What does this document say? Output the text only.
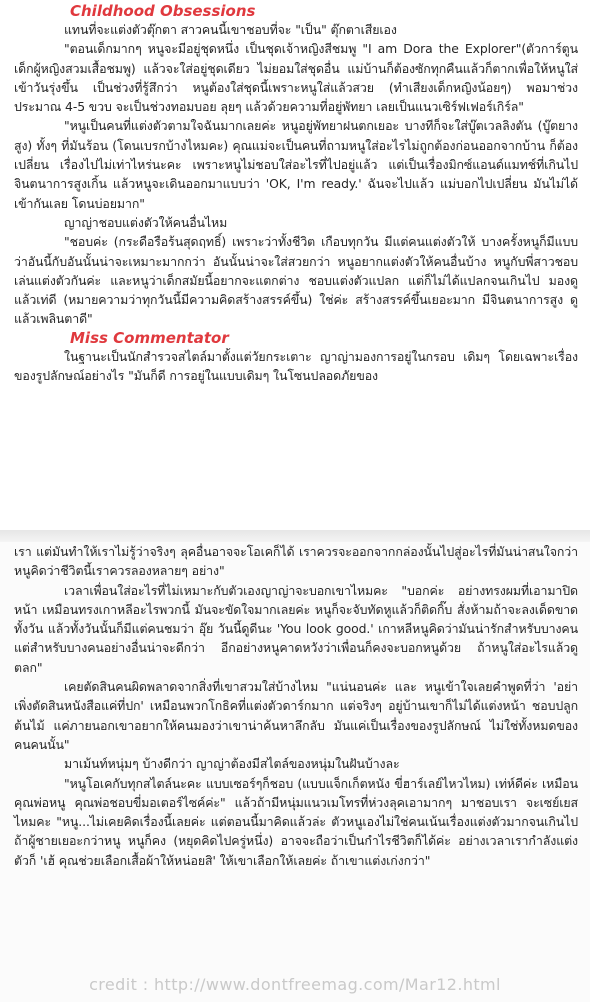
Childhood Obsessions

แทนที่จะแต่งตัวตุ๊กตา สาวคนนี้เขาชอบที่จะ "เป็น" ตุ๊กตาเสียเอง

"ตอนเด็กมากๆ หนูจะมีอยู่ชุดหนึ่ง เป็นชุดเจ้าหญิงสีชมพู "I am Dora the Explorer"(ตัวการ์ตูนเด็กผู้หญิงสวมเสื้อชมพู) แล้วจะใส่อยู่ชุดเดียว ไม่ยอมใส่ชุดอื่น แม่บ้านก็ต้องซักทุกคืนแล้วก็ตากเพื่อให้หนูใส่เข้าวันรุ่งขึ้น เป็นช่วงที่รู้สึกว่า หนูต้องใส่ชุดนี้เพราะหนูใส่แล้วสวย (ทำเสียงเด็กหญิงน้อยๆ) พอมาช่วงประมาณ 4-5 ขวบ จะเป็นช่วงทอมบอย ลุยๆ แล้วด้วยความที่อยู่พัทยา เลยเป็นแนวเซิร์ฟเฟอร์เกิร์ล"

"หนูเป็นคนที่แต่งตัวตามใจฉันมากเลยค่ะ หนูอยู่พัทยาฝนตกเยอะ บางทีก็จะใส่บู๊ตเวลลิงตัน (บู๊ตยางสูง) ทั้งๆ ที่มันร้อน (โดนเบรกบ้างไหมคะ) คุณแม่จะเป็นคนที่ถามหนูใส่อะไรไม่ถูกต้องก่อนออกจากบ้าน ก็ต้องเปลี่ยน เรื่องไปไม่เท่าไหร่นะคะ เพราะหนูไม่ชอบใส่อะไรที่ไปอยู่แล้ว แต่เป็นเรื่องมิกซ์แอนด์แมทช์ที่เกินไป จินตนาการสูงเกิ้น แล้วหนูจะเดินออกมาแบบว่า 'OK, I'm ready.' ฉันจะไปแล้ว แม่บอกไปเปลี่ยน มันไม่ได้เข้ากันเลย โดนบ่อยมาก"

ญาญ่าชอบแต่งตัวให้คนอื่นไหม

"ชอบค่ะ (กระดือรือร้นสุดฤทธิ์) เพราะว่าทั้งชีวิต เกือบทุกวัน มีแต่คนแต่งตัวให้ บางครั้งหนูก็มีแบบว่าอันนี้กับอันนั้นน่าจะเหมาะมากกว่า อันนั้นน่าจะใส่สวยกว่า หนูอยากแต่งตัวให้คนอื่นบ้าง หนูกับพี่สาวชอบเล่นแต่งตัวกันค่ะ และหนูว่าเด็กสมัยนี้อยากจะแตกต่าง ชอบแต่งตัวแปลก แต่ก็ไม่ได้แปลกจนเกินไป มองดูแล้วเท่ดี (หมายความว่าทุกวันนี้มีความคิดสร้างสรรค์ขึ้น) ใช่ค่ะ สร้างสรรค์ขึ้นเยอะมาก มีจินตนาการสูง ดูแล้วเพลินตาดี"

Miss Commentator

ในฐานะเป็นนักสำรวจสไตล์มาตั้งแต่วัยกระเตาะ ญาญ่ามองการอยู่ในกรอบ เดิมๆ โดยเฉพาะเรื่องของรูปลักษณ์อย่างไร "มันก็ดี การอยู่ในแบบเดิมๆ ในโซนปลอดภัยของ

เรา แต่มันทำให้เราไม่รู้ว่าจริงๆ ลุคอื่นอาจจะโอเคก็ได้ เราควรจะออกจากกล่องนั้นไปสู่อะไรที่มันน่าสนใจกว่า หนูคิดว่าชีวิตนี้เราควรลองหลายๆ อย่าง"

เวลาเพื่อนใส่อะไรที่ไม่เหมาะกับตัวเองญาญ่าจะบอกเขาไหมคะ "บอกค่ะ อย่างทรงผมที่เอามาปิดหน้า เหมือนทรงเกาหลีอะไรพวกนี้ มันจะขัดใจมากเลยค่ะ หนูก็จะจับทัดหูแล้วก็ติดกิ๊บ สั่งห้ามถ้าจะลงเด็ดขาดทั้งวัน แล้วทั้งวันนั้นก็มีแต่คนชมว่า อุ๊ย วันนี้ดูดีนะ 'You look good.' เกาหลีหนูคิดว่ามันน่ารักสำหรับบางคน แต่สำหรับบางคนอย่างอื่นน่าจะดีกว่า อีกอย่างหนูคาดหวังว่าเพื่อนก็คงจะบอกหนูด้วย ถ้าหนูใส่อะไรแล้วดูตลก"

เคยตัดสินคนผิดพลาดจากสิ่งที่เขาสวมใส่บ้างไหม "แน่นอนค่ะ และ หนูเข้าใจเลยคำพูดที่ว่า 'อย่าเพิ่งตัดสินหนังสือแค่ที่ปก' เหมือนพวกโกธิคที่แต่งตัวดาร์กมาก แต่จริงๆ อยู่บ้านเขาก็ไม่ได้แต่งหน้า ชอบปลูกต้นไม้ แค่ภายนอกเขาอยากให้คนมองว่าเขาน่าค้นหาลึกลับ มันแค่เป็นเรื่องของรูปลักษณ์ ไม่ใช่ทั้งหมดของคนคนนั้น"

มาเม้นท์หนุ่มๆ บ้างดีกว่า ญาญ่าต้องมีสไตล์ของหนุ่มในฝันบ้างละ

"หนูโอเคกับทุกสไตล์นะคะ แบบเซอร์ๆก็ชอบ (แบบแจ็กเก็ตหนัง ขี่ฮาร์เลย์ไหวไหม) เท่ห์ดีค่ะ เหมือนคุณพ่อหนู คุณพ่อชอบขี่มอเตอร์ไซค์ค่ะ" แล้วถ้ามีหนุ่มแนวเมโทรที่ห่วงลุคเอามากๆ มาชอบเรา จะเซย์เยสไหมคะ "หนู...ไม่เคยคิดเรื่องนี้เลยค่ะ แต่ตอนนี้มาคิดแล้วล่ะ ตัวหนูเองไม่ใช่คนเน้นเรื่องแต่งตัวมากจนเกินไป ถ้าผู้ชายเยอะกว่าหนู หนูก็คง (หยุดคิดไปครู่หนึ่ง) อาจจะถือว่าเป็นกำไรชีวิตก็ได้ค่ะ อย่างเวลาเรากำลังแต่งตัวก็ 'เฮ้ คุณช่วยเลือกเสื้อผ้าให้หน่อยสิ' ให้เขาเลือกให้เลยค่ะ ถ้าเขาแต่งเก่งกว่า"

credit : http://www.dontfreemag.com/Mar12.html
